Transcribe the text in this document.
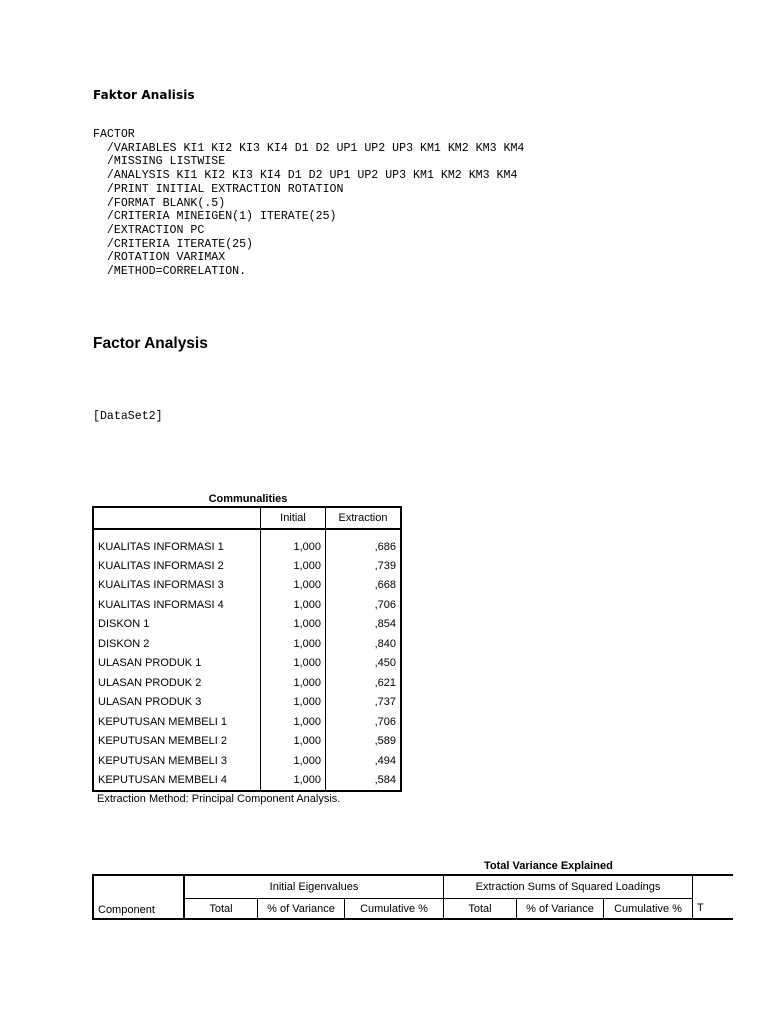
Faktor Analisis
FACTOR
/VARIABLES KI1 KI2 KI3 KI4 D1 D2 UP1 UP2 UP3 KM1 KM2 KM3 KM4
/MISSING LISTWISE
/ANALYSIS KI1 KI2 KI3 KI4 D1 D2 UP1 UP2 UP3 KM1 KM2 KM3 KM4
/PRINT INITIAL EXTRACTION ROTATION
/FORMAT BLANK(.5)
/CRITERIA MINEIGEN(1) ITERATE(25)
/EXTRACTION PC
/CRITERIA ITERATE(25)
/ROTATION VARIMAX
/METHOD=CORRELATION.
Factor Analysis
[DataSet2]
Communalities
	Initial	Extraction
KUALITAS INFORMASI 1	1,000	,686
KUALITAS INFORMASI 2	1,000	,739
KUALITAS INFORMASI 3	1,000	,668
KUALITAS INFORMASI 4	1,000	,706
DISKON 1	1,000	,854
DISKON 2	1,000	,840
ULASAN PRODUK 1	1,000	,450
ULASAN PRODUK 2	1,000	,621
ULASAN PRODUK 3	1,000	,737
KEPUTUSAN MEMBELI 1	1,000	,706
KEPUTUSAN MEMBELI 2	1,000	,589
KEPUTUSAN MEMBELI 3	1,000	,494
KEPUTUSAN MEMBELI 4	1,000	,584
Extraction Method: Principal Component Analysis.
Total Variance Explained
Component	Initial Eigenvalues			Extraction Sums of Squared Loadings			
	Total	% of Variance	Cumulative %	Total	% of Variance	Cumulative %	T
